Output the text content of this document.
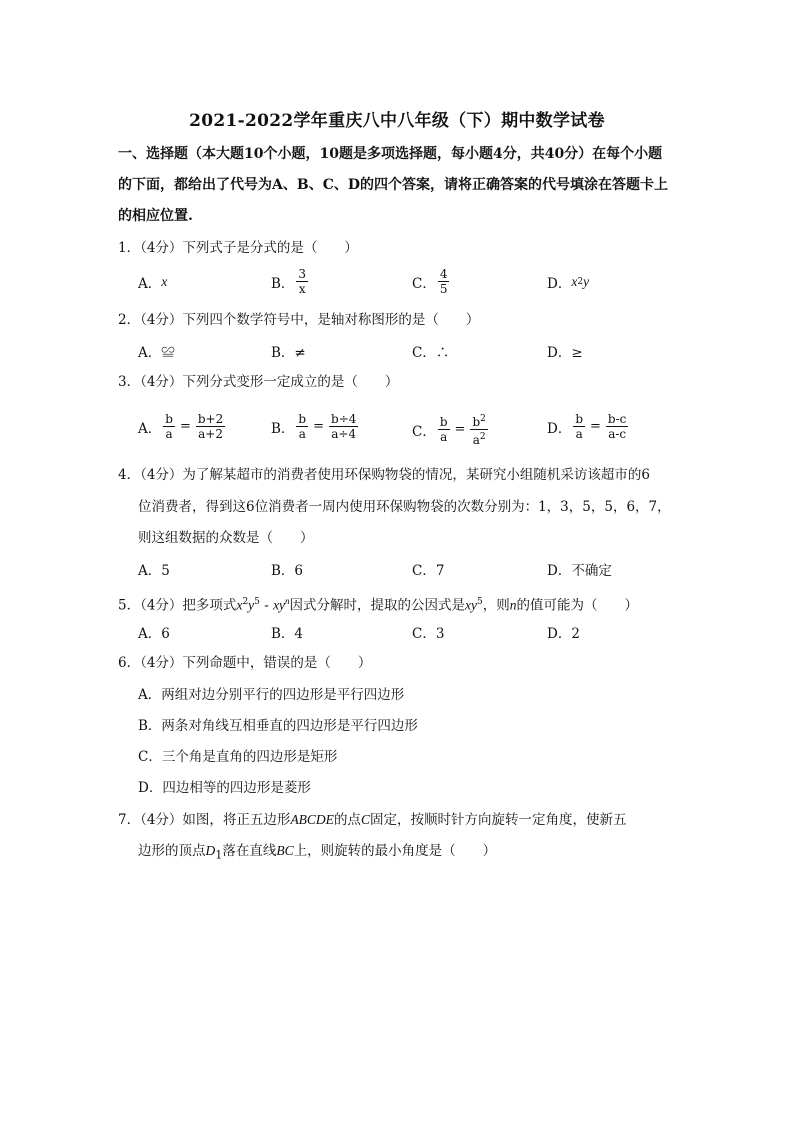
2021-2022学年重庆八中八年级（下）期中数学试卷
一、选择题（本大题10个小题，10题是多项选择题，每小题4分，共40分）在每个小题
的下面，都给出了代号为A、B、C、D的四个答案，请将正确答案的代号填涂在答题卡上
的相应位置.
1．（4分）下列式子是分式的是（　　）
A． x	B． $\frac{3}{x}$	C． $\frac{4}{5}$	D． x 2 y
2．（4分）下列四个数学符号中，是轴对称图形的是（　　）
A．≌	B．≠	C．∴	D．≥
3．（4分）下列分式变形一定成立的是（　　）
A． $\frac{b}{a} = \frac{b+2}{a+2}$	B． $\frac{b}{a} = \frac{b\div 4}{a\div 4}$	C． $\frac{b}{a} = \frac{b^2}{a^2}$	D． $\frac{b}{a} = \frac{b-c}{a-c}$
4．（4分）为了解某超市的消费者使用环保购物袋的情况，某研究小组随机采访该超市的6
位消费者，得到这6位消费者一周内使用环保购物袋的次数分别为：1，3，5，5，6，7，
则这组数据的众数是（　　）
A．5	B．6	C．7	D．不确定
5．（4分）把多项式$x^2y^5 - xy^n$因式分解时，提取的公因式是$xy^5$，则n的值可能为（　　）
A．6	B．4	C．3	D．2
6．（4分）下列命题中，错误的是（　　）
A．两组对边分别平行的四边形是平行四边形
B．两条对角线互相垂直的四边形是平行四边形
C．三个角是直角的四边形是矩形
D．四边相等的四边形是菱形
7．（4分）如图，将正五边形ABCDE的点C固定，按顺时针方向旋转一定角度，使新五
边形的顶点$D_1$落在直线BC上，则旋转的最小角度是（　　）
